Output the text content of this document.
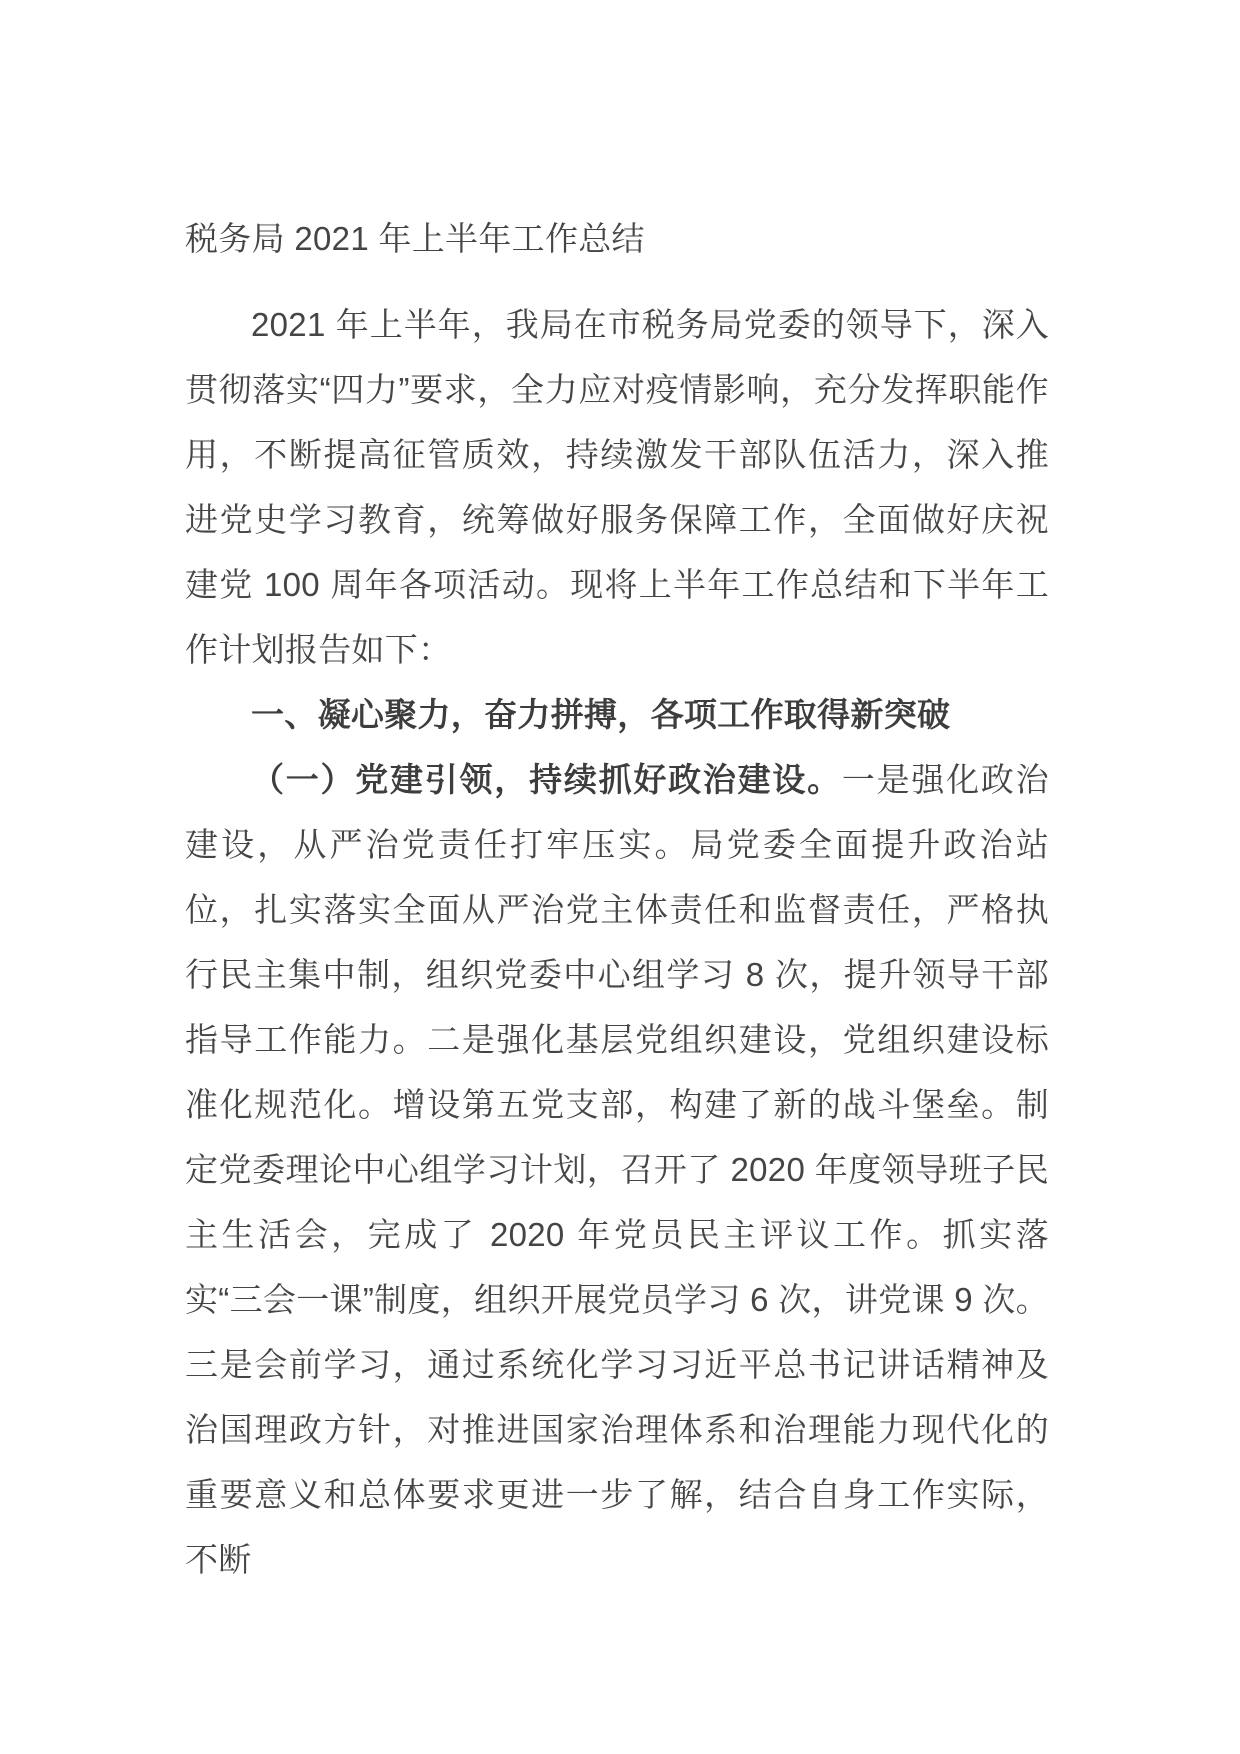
税务局 2021 年上半年工作总结

2021 年上半年，我局在市税务局党委的领导下，深入贯彻落实“四力”要求，全力应对疫情影响，充分发挥职能作用，不断提高征管质效，持续激发干部队伍活力，深入推进党史学习教育，统筹做好服务保障工作，全面做好庆祝建党 100 周年各项活动。现将上半年工作总结和下半年工作计划报告如下：

一、凝心聚力，奋力拼搏，各项工作取得新突破

（一）党建引领，持续抓好政治建设。一是强化政治建设，从严治党责任打牢压实。局党委全面提升政治站位，扎实落实全面从严治党主体责任和监督责任，严格执行民主集中制，组织党委中心组学习 8 次，提升领导干部指导工作能力。二是强化基层党组织建设，党组织建设标准化规范化。增设第五党支部，构建了新的战斗堡垒。制定党委理论中心组学习计划，召开了 2020 年度领导班子民主生活会，完成了 2020 年党员民主评议工作。抓实落实“三会一课”制度，组织开展党员学习 6 次，讲党课 9 次。三是会前学习，通过系统化学习习近平总书记讲话精神及治国理政方针，对推进国家治理体系和治理能力现代化的重要意义和总体要求更进一步了解，结合自身工作实际，不断
